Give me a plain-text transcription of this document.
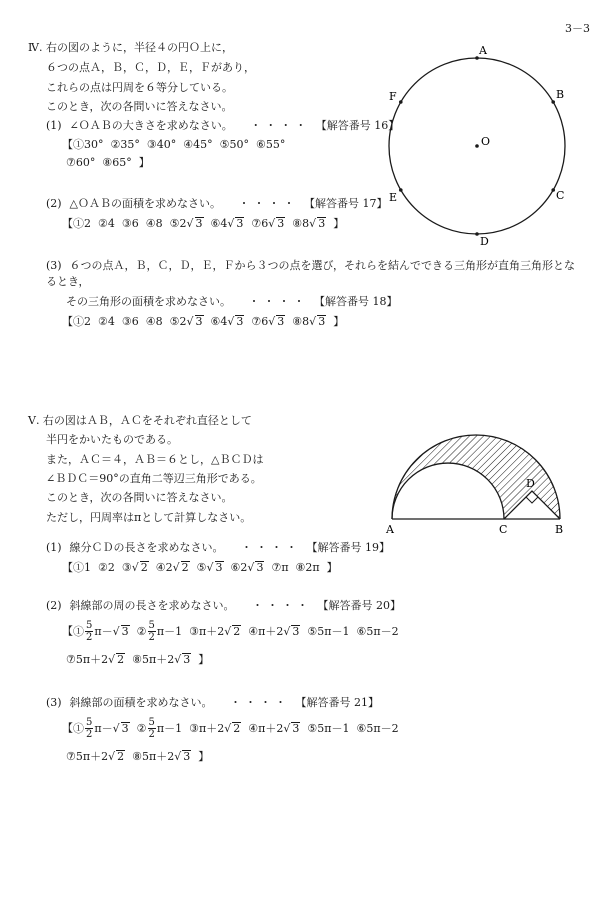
O
A
B
C
D
E
F
A	C	B
D
3－3
Ⅳ. 右の図のように，半径４の円Ｏ上に，
６つの点Ａ，Ｂ，Ｃ，Ｄ，Ｅ，Ｆがあり，
これらの点は円周を６等分している。
このとき，次の各問いに答えなさい。
(1) ∠ＯＡＢの大きさを求めなさい。 ・・・・ 【解答番号 16】
【①30° ②35° ③40° ④45° ⑤50° ⑥55°
⑦60° ⑧65° 】
(2) △ＯＡＢの面積を求めなさい。 ・・・・ 【解答番号 17】
【①2 ②4 ③6 ④8 ⑤2√ 3 ⑥4√ 3 ⑦6√ 3 ⑧8√ 3 】
(3) ６つの点Ａ，Ｂ，Ｃ，Ｄ，Ｅ，Ｆから３つの点を選び，それらを結んでできる三角形が直角三角形となるとき，
その三角形の面積を求めなさい。 ・・・・ 【解答番号 18】
【①2 ②4 ③6 ④8 ⑤2√ 3 ⑥4√ 3 ⑦6√ 3 ⑧8√ 3 】
Ⅴ. 右の図はＡＢ，ＡＣをそれぞれ直径として
半円をかいたものである。
また，ＡＣ＝４，ＡＢ＝６とし，△ＢＣＤは
∠ＢＤＣ＝90°の直角二等辺三角形である。
このとき，次の各問いに答えなさい。
ただし，円周率はπとして計算しなさい。
(1) 線分ＣＤの長さを求めなさい。 ・・・・ 【解答番号 19】
【①1 ②2 ③√ 2 ④2√ 2 ⑤√ 3 ⑥2√ 3 ⑦π ⑧2π 】
(2) 斜線部の周の長さを求めなさい。 ・・・・ 【解答番号 20】
【① $\frac{5}{2} \pi-√$ 3 ② $\frac{5}{2} \pi-1$ ③π＋2√ 2 ④π＋2√ 3 ⑤5π－1 ⑥5π－2
⑦5π＋2√ 2 ⑧5π＋2√ 3 】
(3) 斜線部の面積を求めなさい。 ・・・・ 【解答番号 21】
【① $\frac{5}{2} \pi-√$ 3 ② $\frac{5}{2} \pi-1$ ③π＋2√ 2 ④π＋2√ 3 ⑤5π－1 ⑥5π－2
⑦5π＋2√ 2 ⑧5π＋2√ 3 】
